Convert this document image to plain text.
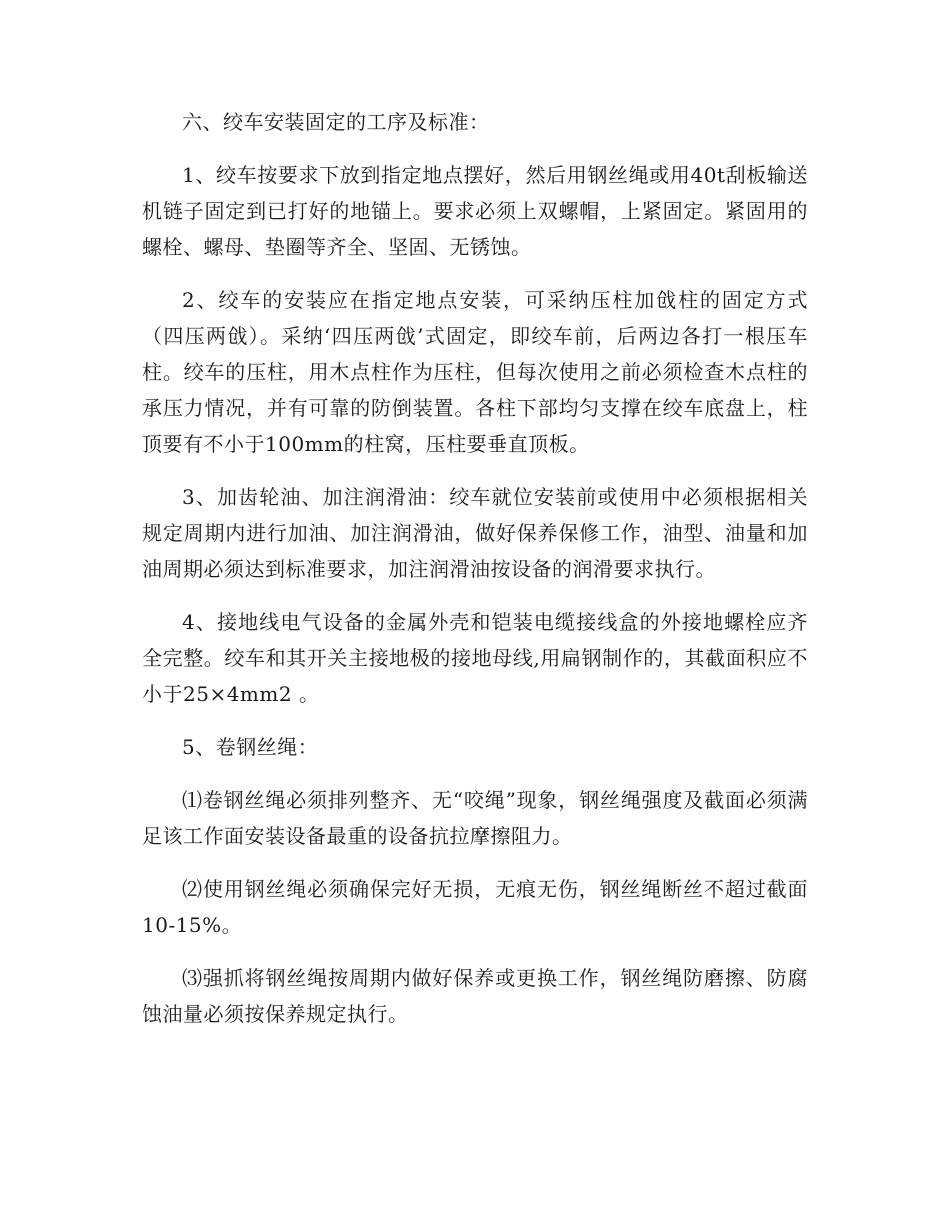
六、绞车安装固定的工序及标准：

1、绞车按要求下放到指定地点摆好，然后用钢丝绳或用40t刮板输送机链子固定到已打好的地锚上。要求必须上双螺帽，上紧固定。紧固用的螺栓、螺母、垫圈等齐全、坚固、无锈蚀。

2、绞车的安装应在指定地点安装，可采纳压柱加戗柱的固定方式（四压两戗）。采纳‘四压两戗’式固定，即绞车前，后两边各打一根压车柱。绞车的压柱，用木点柱作为压柱，但每次使用之前必须检查木点柱的承压力情况，并有可靠的防倒装置。各柱下部均匀支撑在绞车底盘上，柱顶要有不小于100mm的柱窝，压柱要垂直顶板。

3、加齿轮油、加注润滑油：绞车就位安装前或使用中必须根据相关规定周期内进行加油、加注润滑油，做好保养保修工作，油型、油量和加油周期必须达到标准要求，加注润滑油按设备的润滑要求执行。

4、接地线电气设备的金属外壳和铠装电缆接线盒的外接地螺栓应齐全完整。绞车和其开关主接地极的接地母线,用扁钢制作的，其截面积应不小于25×4mm2 。

5、卷钢丝绳：

⑴卷钢丝绳必须排列整齐、无“咬绳”现象，钢丝绳强度及截面必须满足该工作面安装设备最重的设备抗拉摩擦阻力。

⑵使用钢丝绳必须确保完好无损，无痕无伤，钢丝绳断丝不超过截面10-15%。

⑶强抓将钢丝绳按周期内做好保养或更换工作，钢丝绳防磨擦、防腐蚀油量必须按保养规定执行。
